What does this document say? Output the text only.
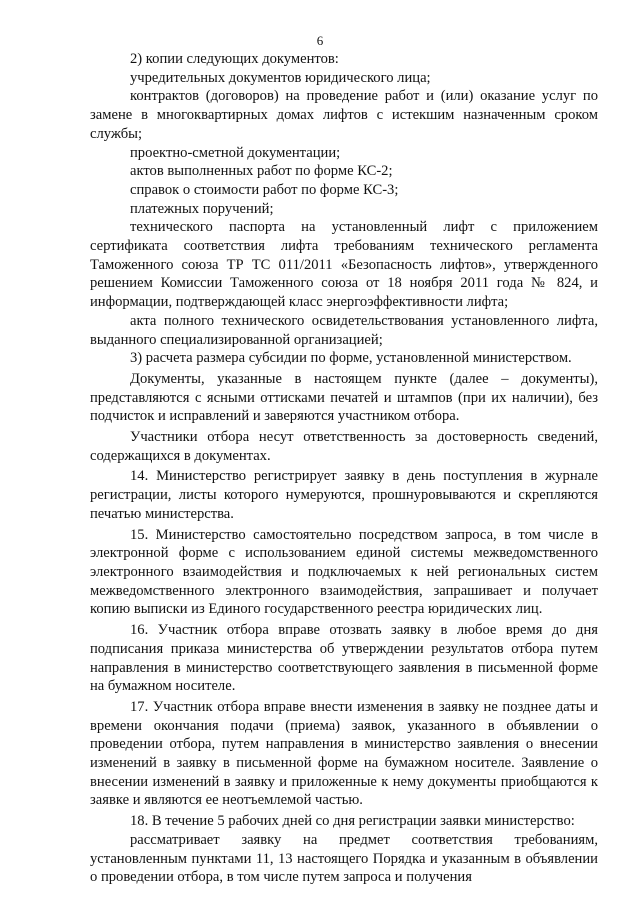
6

2) копии следующих документов:

учредительных документов юридического лица;

контрактов (договоров) на проведение работ и (или) оказание услуг по замене в многоквартирных домах лифтов с истекшим назначенным сроком службы;

проектно-сметной документации;

актов выполненных работ по форме КС-2;

справок о стоимости работ по форме КС-3;

платежных поручений;

технического паспорта на установленный лифт с приложением сертификата соответствия лифта требованиям технического регламента Таможенного союза ТР ТС 011/2011 «Безопасность лифтов», утвержденного решением Комиссии Таможенного союза от 18 ноября 2011 года № 824, и информации, подтверждающей класс энергоэффективности лифта;

акта полного технического освидетельствования установленного лифта, выданного специализированной организацией;

3) расчета размера субсидии по форме, установленной министерством.

Документы, указанные в настоящем пункте (далее – документы), представляются с ясными оттисками печатей и штампов (при их наличии), без подчисток и исправлений и заверяются участником отбора.

Участники отбора несут ответственность за достоверность сведений, содержащихся в документах.

14. Министерство регистрирует заявку в день поступления в журнале регистрации, листы которого нумеруются, прошнуровываются и скрепляются печатью министерства.

15. Министерство самостоятельно посредством запроса, в том числе в электронной форме с использованием единой системы межведомственного электронного взаимодействия и подключаемых к ней региональных систем межведомственного электронного взаимодействия, запрашивает и получает копию выписки из Единого государственного реестра юридических лиц.

16. Участник отбора вправе отозвать заявку в любое время до дня подписания приказа министерства об утверждении результатов отбора путем направления в министерство соответствующего заявления в письменной форме на бумажном носителе.

17. Участник отбора вправе внести изменения в заявку не позднее даты и времени окончания подачи (приема) заявок, указанного в объявлении о проведении отбора, путем направления в министерство заявления о внесении изменений в заявку в письменной форме на бумажном носителе. Заявление о внесении изменений в заявку и приложенные к нему документы приобщаются к заявке и являются ее неотъемлемой частью.

18. В течение 5 рабочих дней со дня регистрации заявки министерство:

рассматривает заявку на предмет соответствия требованиям, установленным пунктами 11, 13 настоящего Порядка и указанным в объявлении о проведении отбора, в том числе путем запроса и получения
